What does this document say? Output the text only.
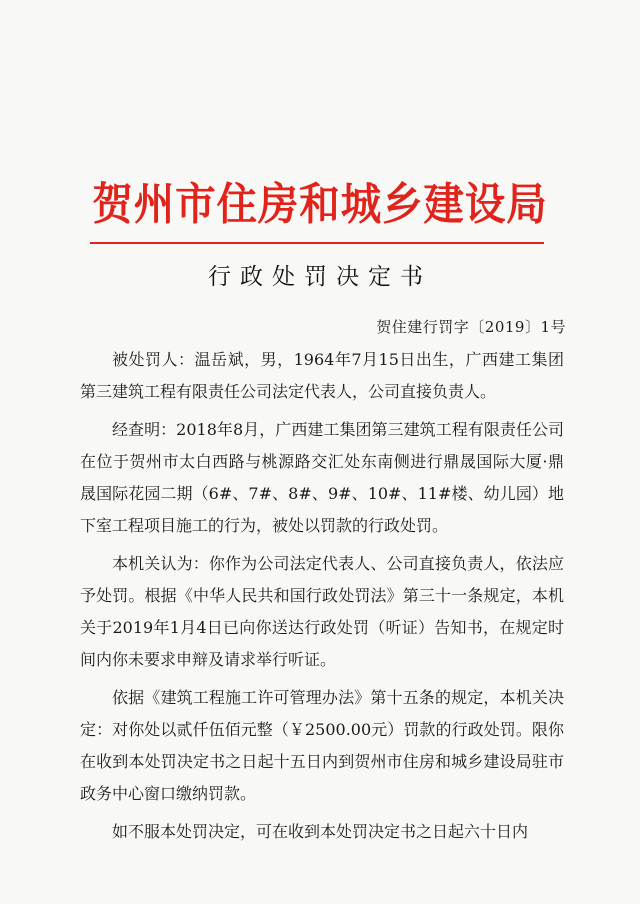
贺州市住房和城乡建设局
行政处罚决定书
贺住建行罚字〔2019〕1号

被处罚人：温岳斌，男，1964年7月15日出生，广西建工集团第三建筑工程有限责任公司法定代表人，公司直接负责人。

经查明：2018年8月，广西建工集团第三建筑工程有限责任公司在位于贺州市太白西路与桃源路交汇处东南侧进行鼎晟国际大厦·鼎晟国际花园二期（6#、7#、8#、9#、10#、11#楼、幼儿园）地下室工程项目施工的行为，被处以罚款的行政处罚。

本机关认为：你作为公司法定代表人、公司直接负责人，依法应予处罚。根据《中华人民共和国行政处罚法》第三十一条规定，本机关于2019年1月4日已向你送达行政处罚（听证）告知书，在规定时间内你未要求申辩及请求举行听证。

依据《建筑工程施工许可管理办法》第十五条的规定，本机关决定：对你处以贰仟伍佰元整（￥2500.00元）罚款的行政处罚。限你在收到本处罚决定书之日起十五日内到贺州市住房和城乡建设局驻市政务中心窗口缴纳罚款。

如不服本处罚决定，可在收到本处罚决定书之日起六十日内
